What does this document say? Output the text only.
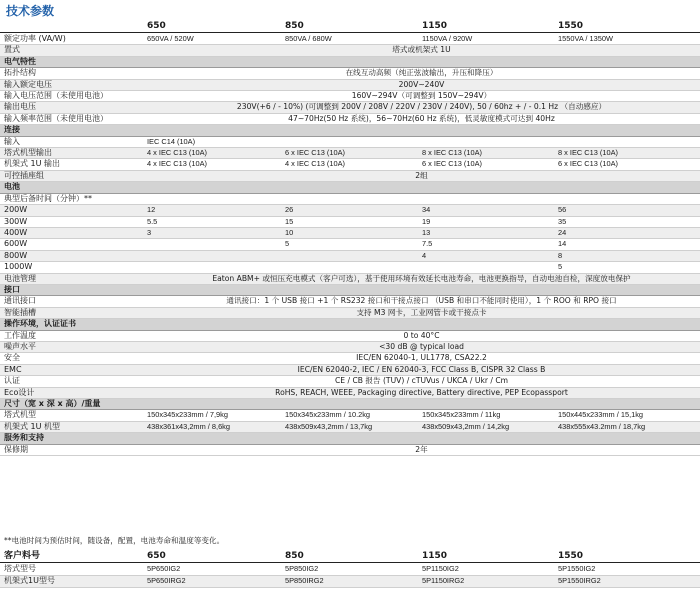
技术参数
650	850	1150	1550
额定功率 (VA/W)	650VA / 520W	850VA / 680W	1150VA / 920W	1550VA / 1350W
置式	塔式或机架式 1U			
电气特性				
拓扑结构	在线互动高频（纯正弦波输出，升压和降压）			
输入额定电压	200V~240V			
输入电压范围（未使用电池）	160V~294V（可调整到 150V~294V）			
输出电压	230V(+6 / - 10%) (可调整到 200V / 208V / 220V / 230V / 240V), 50 / 60hz + / - 0.1 Hz （自动感应）			
输入频率范围（未使用电池）	47~70Hz(50 Hz 系统)，56~70Hz(60 Hz 系统)，低灵敏度模式可达到 40Hz			
连接				
输入	IEC C14 (10A)			
塔式机型输出	4 x IEC C13 (10A)	6 x IEC C13 (10A)	8 x IEC C13 (10A)	8 x IEC C13 (10A)
机架式 1U 输出	4 x IEC C13 (10A)	4 x IEC C13 (10A)	6 x IEC C13 (10A)	6 x IEC C13 (10A)
可控插座组	2组			
电池				
典型后备时间（分钟）**				
200W	12	26	34	56
300W	5.5	15	19	35
400W	3	10	13	24
600W		5	7.5	14
800W			4	8
1000W				5
电池管理	Eaton ABM+ 或恒压充电模式（客户可选），基于使用环境有效延长电池寿命，电池更换指导，自动电池自检，深度放电保护			
接口				
通讯接口	通讯接口：1 个 USB 接口 +1 个 RS232 接口和干接点接口 （USB 和串口不能同时使用），1 个 ROO 和 RPO 接口			
智能插槽	支持 M3 网卡，工业网管卡或干接点卡			
操作环境，认证证书				
工作温度	0 to 40°C			
噪声水平	<30 dB @ typical load			
安全	IEC/EN 62040-1, UL1778, CSA22.2			
EMC	IEC/EN 62040-2, IEC / EN 62040-3, FCC Class B, CISPR 32 Class B			
认证	CE / CB 报告 (TUV) / cTUVus / UKCA / Ukr / Cm			
Eco设计	RoHS, REACH, WEEE, Packaging directive, Battery directive, PEP Ecopassport			
尺寸（宽 x 深 x 高）/重量				
塔式机型	150x345x233mm / 7,9kg	150x345x233mm / 10.2kg	150x345x233mm / 11kg	150x445x233mm / 15,1kg
机架式 1U 机型	438x361x43,2mm / 8,6kg	438x509x43,2mm / 13,7kg	438x509x43,2mm / 14,2kg	438x555x43.2mm / 18,7kg
服务和支持				
保修期	2年			
**电池时间为预估时间，随设备，配置，电池寿命和温度等变化。
客户料号	650	850	1150	1550
塔式型号	5P650IG2	5P850IG2	5P1150IG2	5P1550IG2
机架式1U型号	5P650IRG2	5P850IRG2	5P1150IRG2	5P1550IRG2
